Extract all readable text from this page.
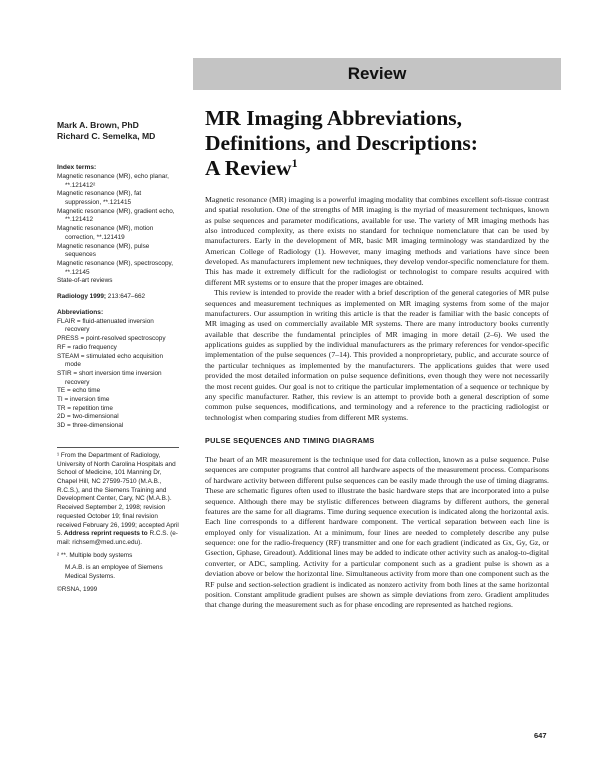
Review
Mark A. Brown, PhD
Richard C. Semelka, MD
Index terms:
Magnetic resonance (MR), echo planar, **.121412²
Magnetic resonance (MR), fat suppression, **.121415
Magnetic resonance (MR), gradient echo, **.121412
Magnetic resonance (MR), motion correction, **.121419
Magnetic resonance (MR), pulse sequences
Magnetic resonance (MR), spectroscopy, **.12145
State-of-art reviews
Radiology 1999; 213:647–662
Abbreviations:
FLAIR = fluid-attenuated inversion recovery
PRESS = point-resolved spectroscopy
RF = radio frequency
STEAM = stimulated echo acquisition mode
STIR = short inversion time inversion recovery
TE = echo time
TI = inversion time
TR = repetition time
2D = two-dimensional
3D = three-dimensional

¹ From the Department of Radiology, University of North Carolina Hospitals and School of Medicine, 101 Manning Dr, Chapel Hill, NC 27599-7510 (M.A.B., R.C.S.), and the Siemens Training and Development Center, Cary, NC (M.A.B.). Received September 2, 1998; revision requested October 19; final revision received February 26, 1999; accepted April 5. Address reprint requests to R.C.S. (e-mail: richsem@med.unc.edu).

² **. Multiple body systems

M.A.B. is an employee of Siemens Medical Systems.

©RSNA, 1999

MR Imaging Abbreviations,
Definitions, and Descriptions:
A Review$^1$

Magnetic resonance (MR) imaging is a powerful imaging modality that combines excellent soft-tissue contrast and spatial resolution. One of the strengths of MR imaging is the myriad of measurement techniques, known as pulse sequences and parameter modifications, available for use. The variety of MR imaging methods has also introduced complexity, as there exists no standard for technique nomenclature that can be used by manufacturers. Early in the development of MR, basic MR imaging terminology was standardized by the American College of Radiology (1). However, many imaging methods and variations have since been developed. As manufacturers implement new techniques, they develop vendor-specific nomenclature for them. This has made it extremely difficult for the radiologist or technologist to compare results acquired with different MR systems or to ensure that the proper images are obtained.

This review is intended to provide the reader with a brief description of the general categories of MR pulse sequences and measurement techniques as implemented on MR imaging systems from some of the major manufacturers. Our assumption in writing this article is that the reader is familiar with the basic concepts of MR imaging as used on commercially available MR systems. There are many introductory books currently available that describe the fundamental principles of MR imaging in more detail (2–6). We used the applications guides as supplied by the individual manufacturers as the primary references for vendor-specific implementation of the pulse sequences (7–14). This provided a nonproprietary, public, and accurate source of the particular techniques as implemented by the manufacturers. The applications guides that were used provided the most detailed information on pulse sequence definitions, even though they were not necessarily the most recent guides. Our goal is not to critique the particular implementation of a sequence or technique by any specific manufacturer. Rather, this review is an attempt to provide both a general description of some common pulse sequences, modifications, and terminology and a reference to the practicing radiologist or technologist when comparing studies from different MR systems.

PULSE SEQUENCES AND TIMING DIAGRAMS

The heart of an MR measurement is the technique used for data collection, known as a pulse sequence. Pulse sequences are computer programs that control all hardware aspects of the measurement process. Comparisons of hardware activity between different pulse sequences can be easily made through the use of timing diagrams. These are schematic figures often used to illustrate the basic hardware steps that are incorporated into a pulse sequence. Although there may be stylistic differences between diagrams by different authors, the general features are the same for all diagrams. Time during sequence execution is indicated along the horizontal axis. Each line corresponds to a different hardware component. The vertical separation between each line is employed only for visualization. At a minimum, four lines are needed to completely describe any pulse sequence: one for the radio-frequency (RF) transmitter and one for each gradient (indicated as Gx, Gy, Gz, or Gsection, Gphase, Greadout). Additional lines may be added to indicate other activity such as analog-to-digital converter, or ADC, sampling. Activity for a particular component such as a gradient pulse is shown as a deviation above or below the horizontal line. Simultaneous activity from more than one component such as the RF pulse and section-selection gradient is indicated as nonzero activity from both lines at the same horizontal position. Constant amplitude gradient pulses are shown as simple deviations from zero. Gradient amplitudes that change during the measurement such as for phase encoding are represented as hatched regions.

647
